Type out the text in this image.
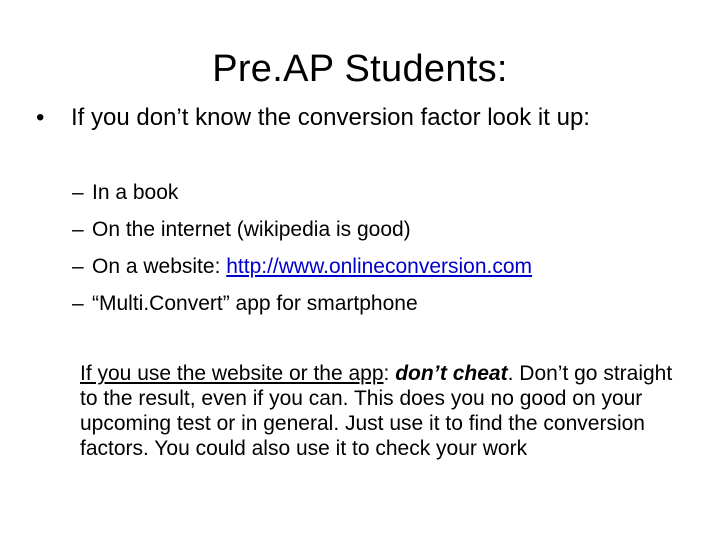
Pre.AP Students:
• If you don’t know the conversion factor look it up:
– In a book
– On the internet (wikipedia is good)
– On a website: http://www.onlineconversion.com
– “Multi.Convert” app for smartphone

If you use the website or the app: don’t cheat. Don’t go straight to the result, even if you can. This does you no good on your upcoming test or in general. Just use it to find the conversion factors. You could also use it to check your work
